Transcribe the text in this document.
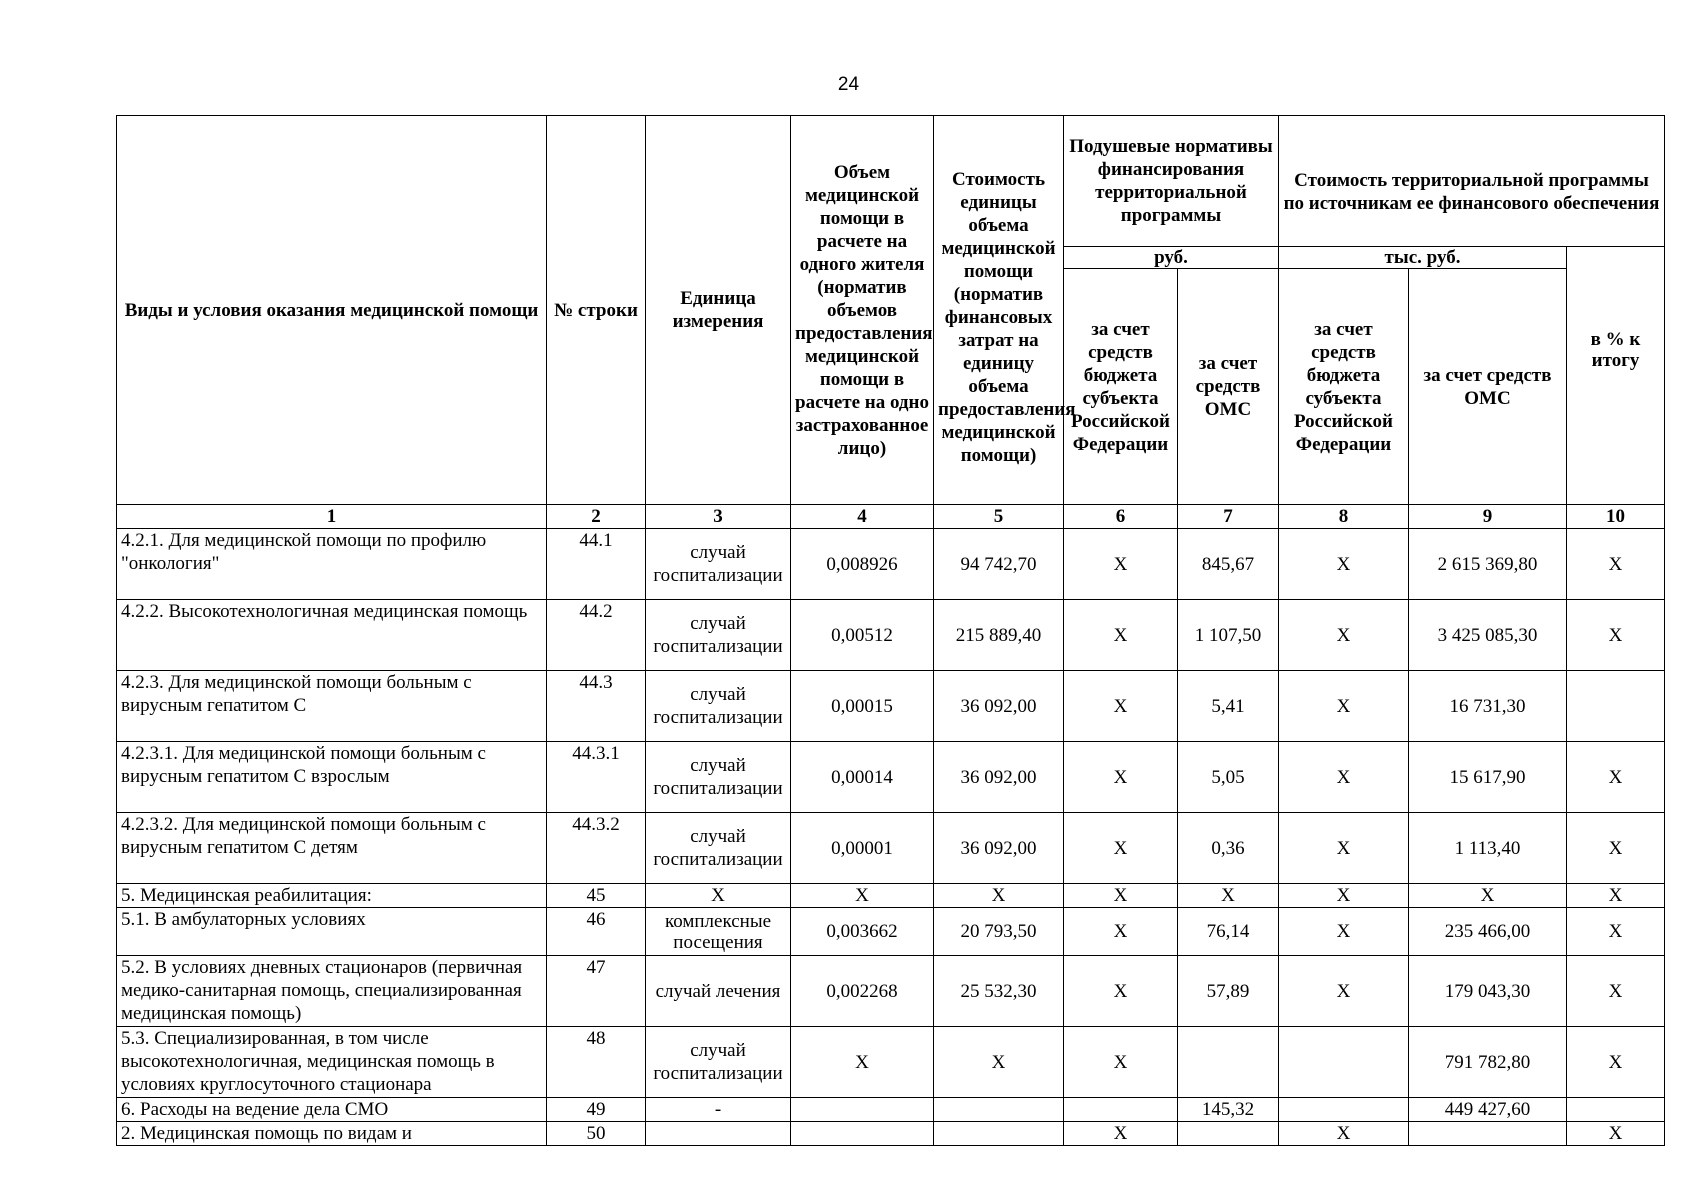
24
Виды и условия оказания медицинской помощи	№ строки	Единица измерения	Объем медицинской помощи в расчете на одного жителя (норматив объемов предоставления медицинской помощи в расчете на одно застрахованное лицо)	Стоимость единицы объема медицинской помощи (норматив финансовых затрат на единицу объема предоставления медицинской помощи)	Подушевые нормативы финансирования территориальной программы		Стоимость территориальной программы по источникам ее финансового обеспечения		
					руб.		тыс. руб.		в % к итогу
					за счет средств бюджета субъекта Российской Федерации	за счет средств ОМС	за счет средств бюджета субъекта Российской Федерации	за счет средств ОМС	
1	2	3	4	5	6	7	8	9	10
4.2.1. Для медицинской помощи по профилю "онкология"	44.1	случай госпитализации	0,008926	94 742,70	Х	845,67	Х	2 615 369,80	Х
4.2.2. Высокотехнологичная медицинская помощь	44.2	случай госпитализации	0,00512	215 889,40	Х	1 107,50	Х	3 425 085,30	Х
4.2.3. Для медицинской помощи больным с вирусным гепатитом С	44.3	случай госпитализации	0,00015	36 092,00	Х	5,41	Х	16 731,30	
4.2.3.1. Для медицинской помощи больным с вирусным гепатитом С взрослым	44.3.1	случай госпитализации	0,00014	36 092,00	Х	5,05	Х	15 617,90	Х
4.2.3.2. Для медицинской помощи больным с вирусным гепатитом С детям	44.3.2	случай госпитализации	0,00001	36 092,00	Х	0,36	Х	1 113,40	Х
5. Медицинская реабилитация:	45	Х	Х	Х	Х	Х	Х	Х	Х
5.1. В амбулаторных условиях	46	комплексные посещения	0,003662	20 793,50	Х	76,14	Х	235 466,00	Х
5.2. В условиях дневных стационаров (первичная медико-санитарная помощь, специализированная медицинская помощь)	47	случай лечения	0,002268	25 532,30	Х	57,89	Х	179 043,30	Х
5.3. Специализированная, в том числе высокотехнологичная, медицинская помощь в условиях круглосуточного стационара	48	случай госпитализации	Х	Х	Х			791 782,80	Х
6. Расходы на ведение дела СМО	49	-				145,32		449 427,60	
2. Медицинская помощь по видам и	50				Х		Х		Х
